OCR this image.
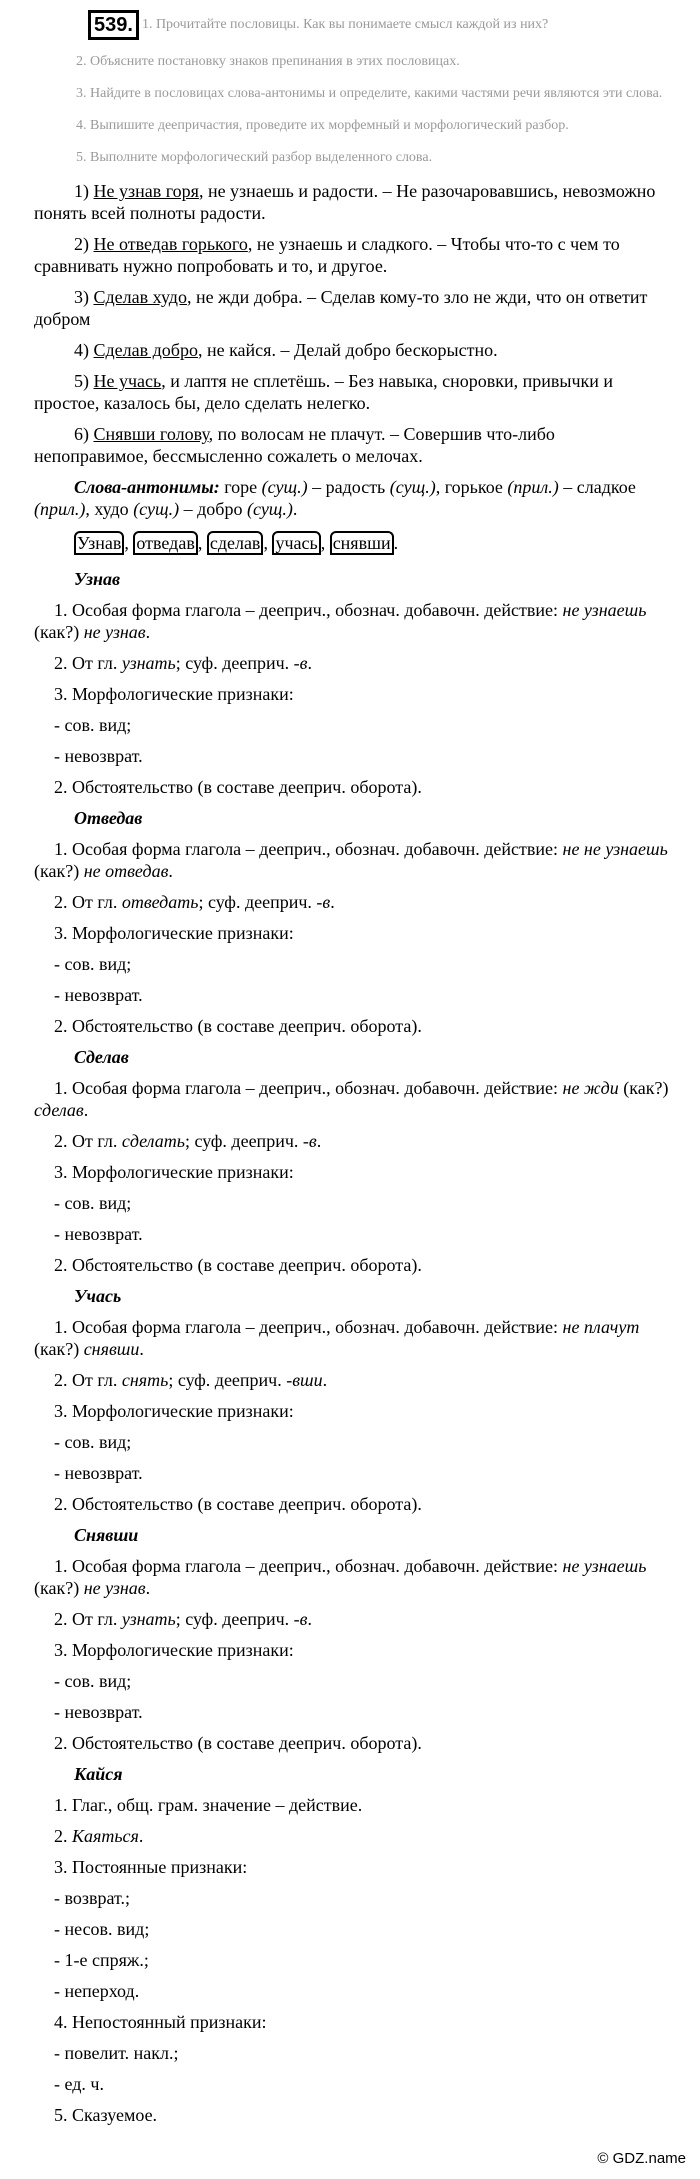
539. 1. Прочитайте пословицы. Как вы понимаете смысл каждой из них?

2. Объясните постановку знаков препинания в этих пословицах.

3. Найдите в пословицах слова-антонимы и определите, какими частями речи являются эти слова.

4. Выпишите деепричастия, проведите их морфемный и морфологический разбор.

5. Выполните морфологический разбор выделенного слова.

1) Не узнав горя, не узнаешь и радости. – Не разочаровавшись, невозможно понять всей полноты радости.

2) Не отведав горького, не узнаешь и сладкого. – Чтобы что-то с чем то сравнивать нужно попробовать и то, и другое.

3) Сделав худо, не жди добра. – Сделав кому-то зло не жди, что он ответит добром

4) Сделав добро, не кайся. – Делай добро бескорыстно.

5) Не учась, и лаптя не сплетёшь. – Без навыка, сноровки, привычки и простое, казалось бы, дело сделать нелегко.

6) Снявши голову, по волосам не плачут. – Совершив что-либо непоправимое, бессмысленно сожалеть о мелочах.

Слова-антонимы: горе (сущ.) – радость (сущ.), горькое (прил.) – сладкое (прил.), худо (сущ.) – добро (сущ.).

Узнав , отведав , сделав , учась , снявши .

Узнав

1. Особая форма глагола – дееприч., обознач. добавочн. действие: не узнаешь (как?) не узнав.

2. От гл. узнать; суф. дееприч. -в.

3. Морфологические признаки:

- сов. вид;

- невозврат.

2. Обстоятельство (в составе дееприч. оборота).

Отведав

1. Особая форма глагола – дееприч., обознач. добавочн. действие: не не узнаешь (как?) не отведав.

2. От гл. отведать; суф. дееприч. -в.

3. Морфологические признаки:

- сов. вид;

- невозврат.

2. Обстоятельство (в составе дееприч. оборота).

Сделав

1. Особая форма глагола – дееприч., обознач. добавочн. действие: не жди (как?) сделав.

2. От гл. сделать; суф. дееприч. -в.

3. Морфологические признаки:

- сов. вид;

- невозврат.

2. Обстоятельство (в составе дееприч. оборота).

Учась

1. Особая форма глагола – дееприч., обознач. добавочн. действие: не плачут (как?) снявши.

2. От гл. снять; суф. дееприч. -вши.

3. Морфологические признаки:

- сов. вид;

- невозврат.

2. Обстоятельство (в составе дееприч. оборота).

Снявши

1. Особая форма глагола – дееприч., обознач. добавочн. действие: не узнаешь (как?) не узнав.

2. От гл. узнать; суф. дееприч. -в.

3. Морфологические признаки:

- сов. вид;

- невозврат.

2. Обстоятельство (в составе дееприч. оборота).

Кайся

1. Глаг., общ. грам. значение – действие.

2. Каяться.

3. Постоянные признаки:

- возврат.;

- несов. вид;

- 1-е спряж.;

- неперход.

4. Непостоянный признаки:

- повелит. накл.;

- ед. ч.

5. Сказуемое.

© GDZ.name
